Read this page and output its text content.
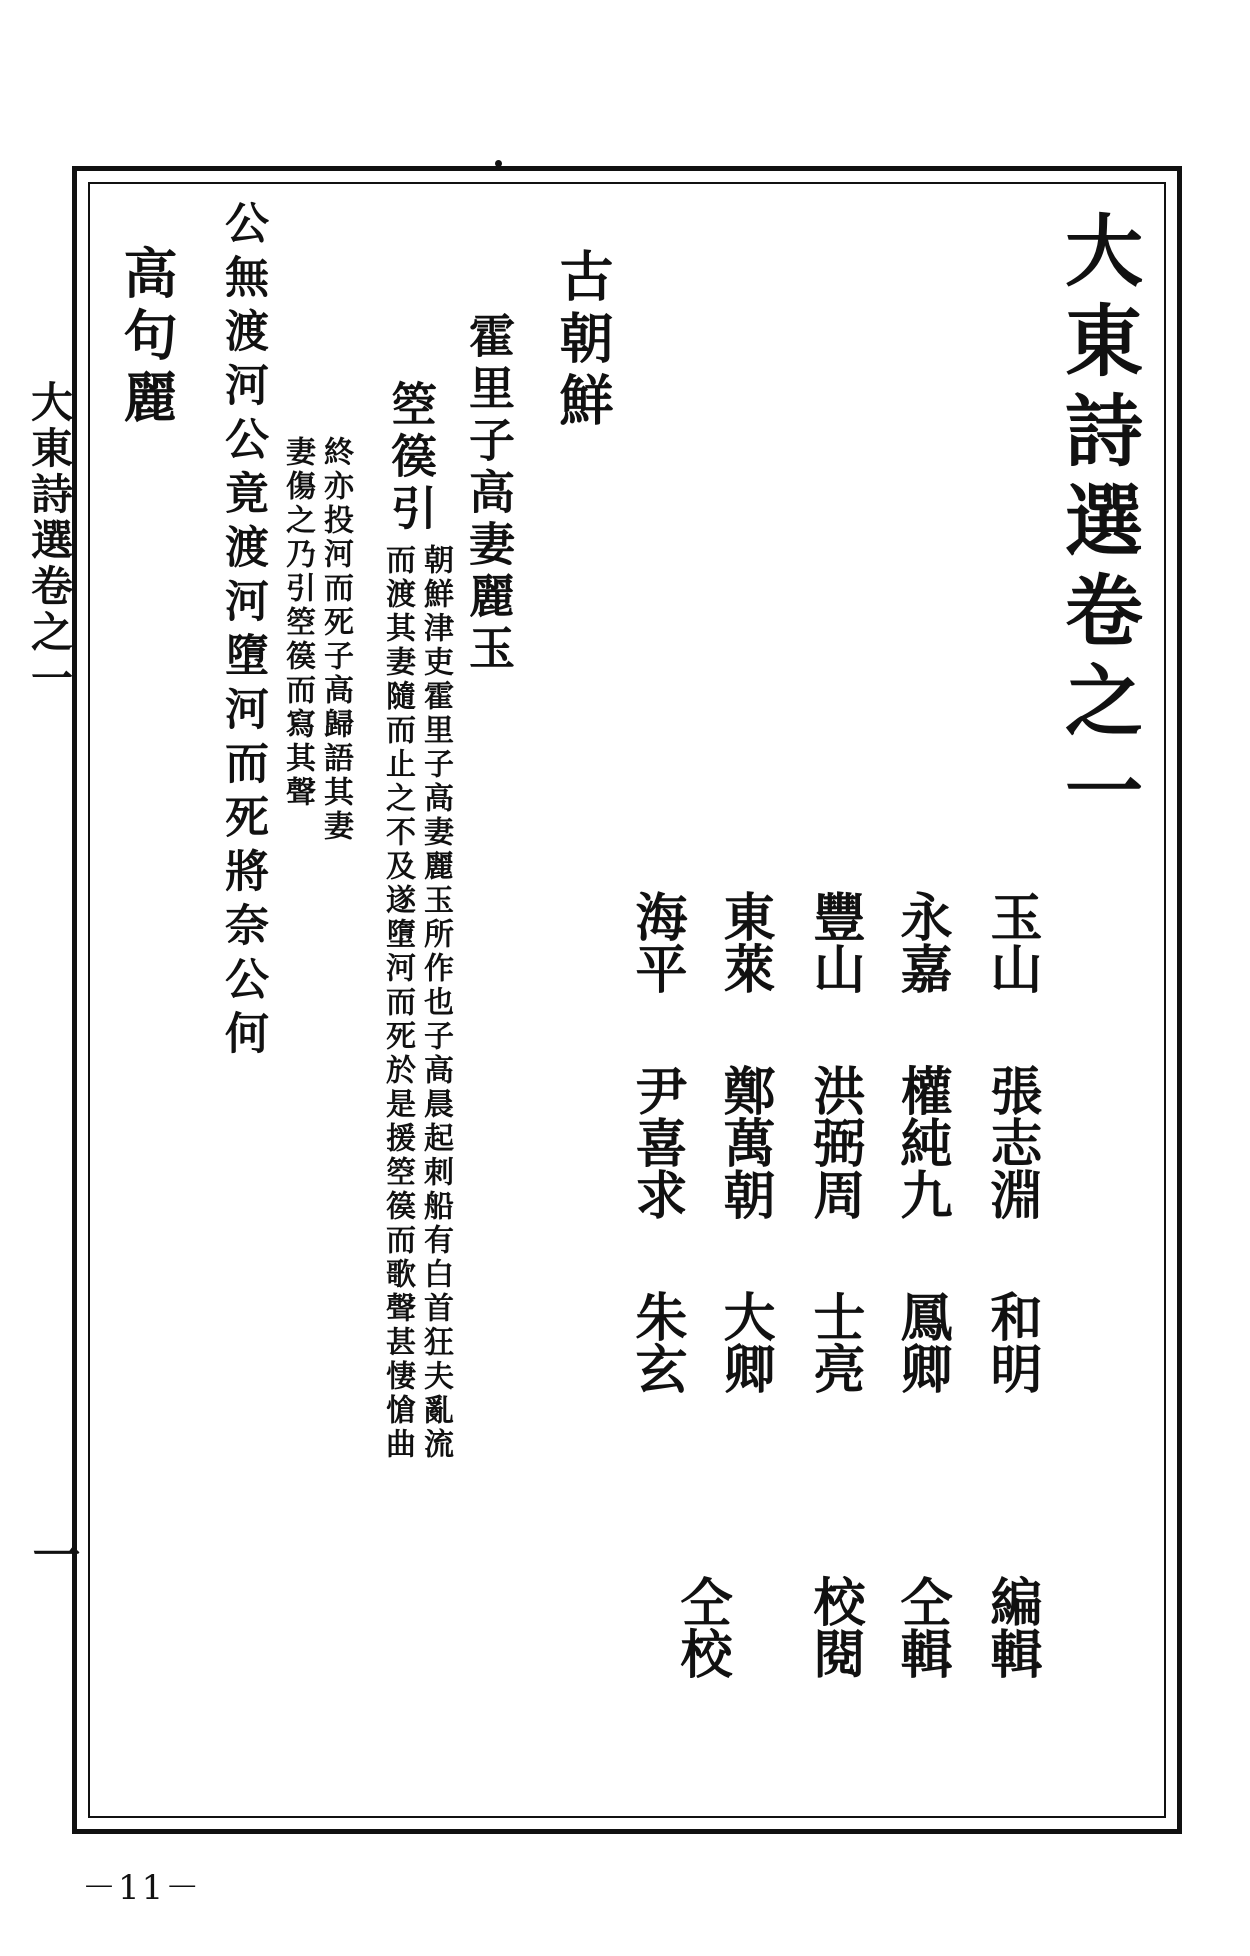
大東詩選卷之一
一
大東詩選卷之一
玉山張志淵和明
永嘉權純九鳳卿
豐山洪弼周士亮
東萊鄭萬朝大卿
海平尹喜求朱玄
編輯
仝輯
校閱
仝校
古朝鮮
霍里子高妻麗玉
箜篌引
朝鮮津吏霍里子高妻麗玉所作也子高晨起刺船有白首狂夫亂流
而渡其妻隨而止之不及遂墮河而死於是援箜篌而歌聲甚悽愴曲
終亦投河而死子高歸語其妻
妻傷之乃引箜篌而寫其聲
公無渡河公竟渡河墮河而死將奈公何
高句麗
－11－
